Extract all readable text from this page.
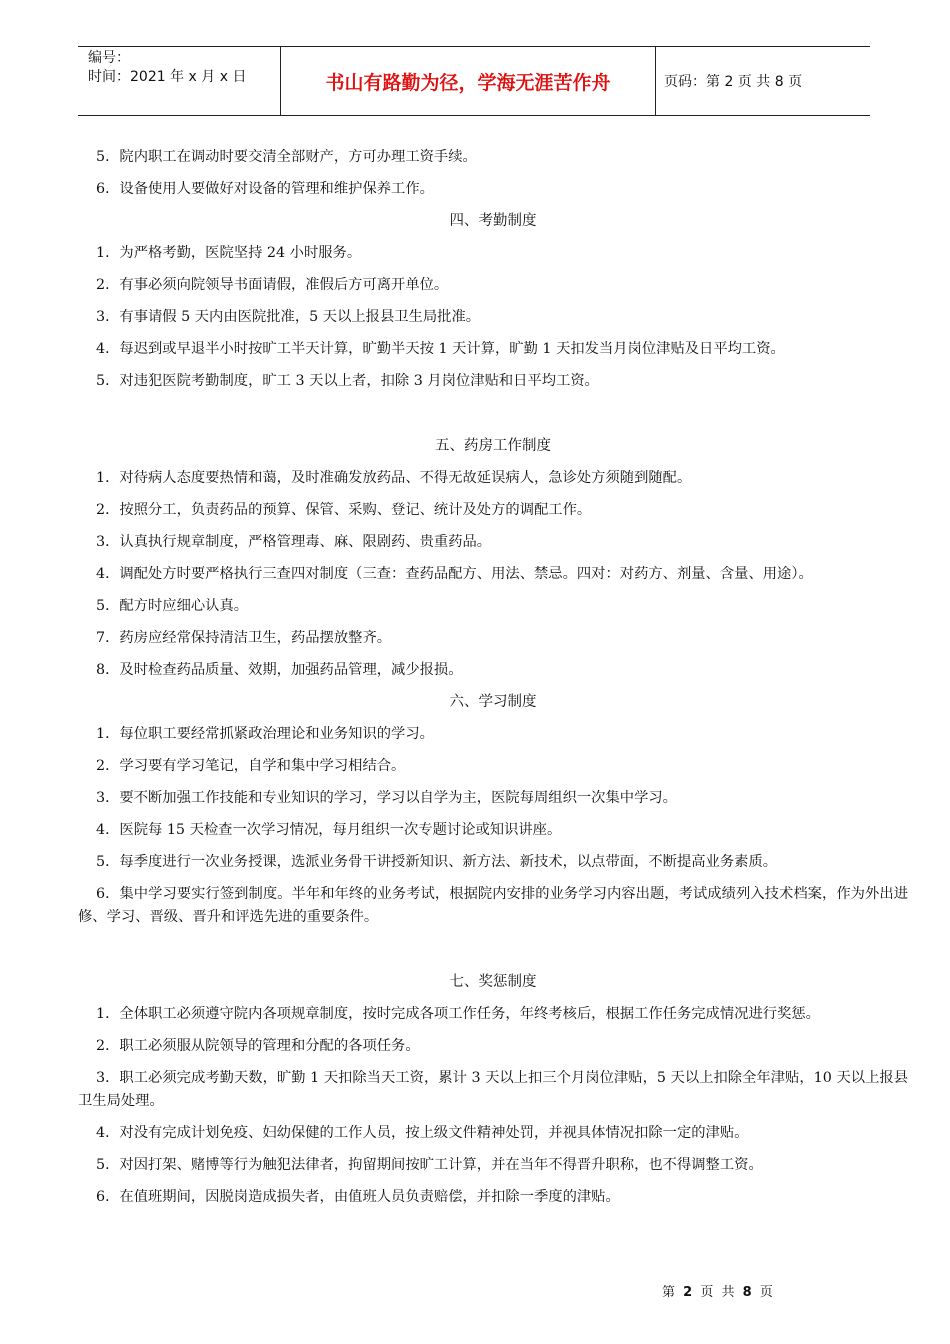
编号：
时间：2021 年 x 月 x 日	书山有路勤为径，学海无涯苦作舟	页码：第 2 页 共 8 页

5．院内职工在调动时要交清全部财产，方可办理工资手续。

6．设备使用人要做好对设备的管理和维护保养工作。

四、考勤制度

1．为严格考勤，医院坚持 24 小时服务。

2．有事必须向院领导书面请假，准假后方可离开单位。

3．有事请假 5 天内由医院批准，5 天以上报县卫生局批准。

4．每迟到或早退半小时按旷工半天计算，旷勤半天按 1 天计算，旷勤 1 天扣发当月岗位津贴及日平均工资。

5．对违犯医院考勤制度，旷工 3 天以上者，扣除 3 月岗位津贴和日平均工资。

五、药房工作制度

1．对待病人态度要热情和蔼，及时准确发放药品、不得无故延误病人，急诊处方须随到随配。

2．按照分工，负责药品的预算、保管、采购、登记、统计及处方的调配工作。

3．认真执行规章制度，严格管理毒、麻、限剧药、贵重药品。

4．调配处方时要严格执行三查四对制度（三查：查药品配方、用法、禁忌。四对：对药方、剂量、含量、用途）。

5．配方时应细心认真。

7．药房应经常保持清洁卫生，药品摆放整齐。

8．及时检查药品质量、效期，加强药品管理，减少报损。

六、学习制度

1．每位职工要经常抓紧政治理论和业务知识的学习。

2．学习要有学习笔记，自学和集中学习相结合。

3．要不断加强工作技能和专业知识的学习，学习以自学为主，医院每周组织一次集中学习。

4．医院每 15 天检查一次学习情况，每月组织一次专题讨论或知识讲座。

5．每季度进行一次业务授课，选派业务骨干讲授新知识、新方法、新技术，以点带面，不断提高业务素质。

6．集中学习要实行签到制度。半年和年终的业务考试，根据院内安排的业务学习内容出题，考试成绩列入技术档案，作为外出进修、学习、晋级、晋升和评选先进的重要条件。

七、奖惩制度

1．全体职工必须遵守院内各项规章制度，按时完成各项工作任务，年终考核后，根据工作任务完成情况进行奖惩。

2．职工必须服从院领导的管理和分配的各项任务。

3．职工必须完成考勤天数，旷勤 1 天扣除当天工资，累计 3 天以上扣三个月岗位津贴，5 天以上扣除全年津贴，10 天以上报县卫生局处理。

4．对没有完成计划免疫、妇幼保健的工作人员，按上级文件精神处罚，并视具体情况扣除一定的津贴。

5．对因打架、赌博等行为触犯法律者，拘留期间按旷工计算，并在当年不得晋升职称，也不得调整工资。

6．在值班期间，因脱岗造成损失者，由值班人员负责赔偿，并扣除一季度的津贴。

第 2 页 共 8 页
